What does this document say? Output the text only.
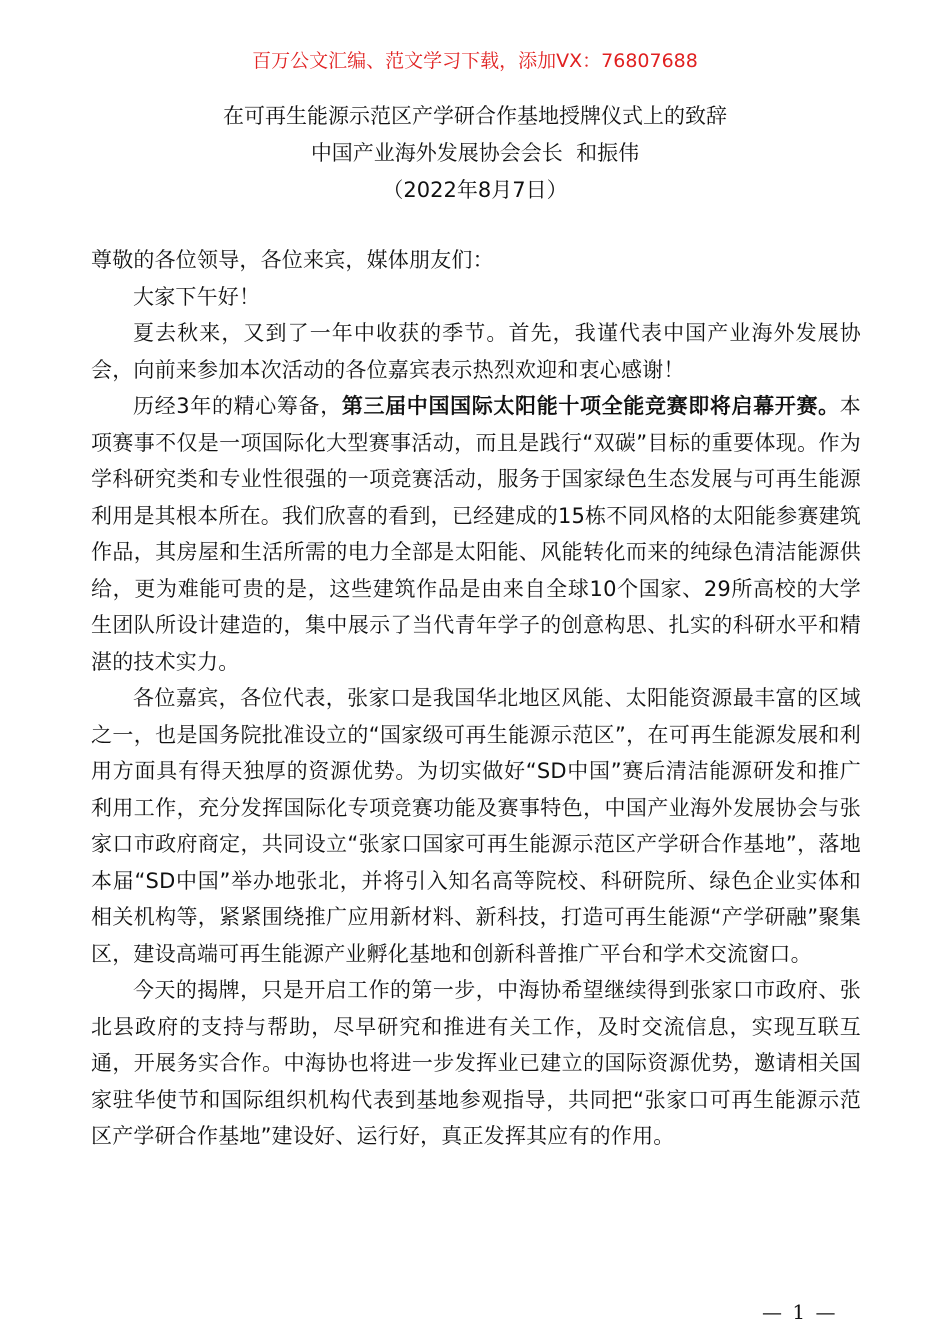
百万公文汇编、范文学习下载，添加VX：76807688
在可再生能源示范区产学研合作基地授牌仪式上的致辞
中国产业海外发展协会会长  和振伟
（2022年8月7日）

尊敬的各位领导，各位来宾，媒体朋友们：

大家下午好！

夏去秋来，又到了一年中收获的季节。首先，我谨代表中国产业海外发展协会，向前来参加本次活动的各位嘉宾表示热烈欢迎和衷心感谢！

历经3年的精心筹备，第三届中国国际太阳能十项全能竞赛即将启幕开赛。本项赛事不仅是一项国际化大型赛事活动，而且是践行“双碳”目标的重要体现。作为学科研究类和专业性很强的一项竞赛活动，服务于国家绿色生态发展与可再生能源利用是其根本所在。我们欣喜的看到，已经建成的15栋不同风格的太阳能参赛建筑作品，其房屋和生活所需的电力全部是太阳能、风能转化而来的纯绿色清洁能源供给，更为难能可贵的是，这些建筑作品是由来自全球10个国家、29所高校的大学生团队所设计建造的，集中展示了当代青年学子的创意构思、扎实的科研水平和精湛的技术实力。

各位嘉宾，各位代表，张家口是我国华北地区风能、太阳能资源最丰富的区域之一，也是国务院批准设立的“国家级可再生能源示范区”，在可再生能源发展和利用方面具有得天独厚的资源优势。为切实做好“SD中国”赛后清洁能源研发和推广利用工作，充分发挥国际化专项竞赛功能及赛事特色，中国产业海外发展协会与张家口市政府商定，共同设立“张家口国家可再生能源示范区产学研合作基地”，落地本届“SD中国”举办地张北，并将引入知名高等院校、科研院所、绿色企业实体和相关机构等，紧紧围绕推广应用新材料、新科技，打造可再生能源“产学研融”聚集区，建设高端可再生能源产业孵化基地和创新科普推广平台和学术交流窗口。

今天的揭牌，只是开启工作的第一步，中海协希望继续得到张家口市政府、张北县政府的支持与帮助，尽早研究和推进有关工作，及时交流信息，实现互联互通，开展务实合作。中海协也将进一步发挥业已建立的国际资源优势，邀请相关国家驻华使节和国际组织机构代表到基地参观指导，共同把“张家口可再生能源示范区产学研合作基地”建设好、运行好，真正发挥其应有的作用。

— 1 —
